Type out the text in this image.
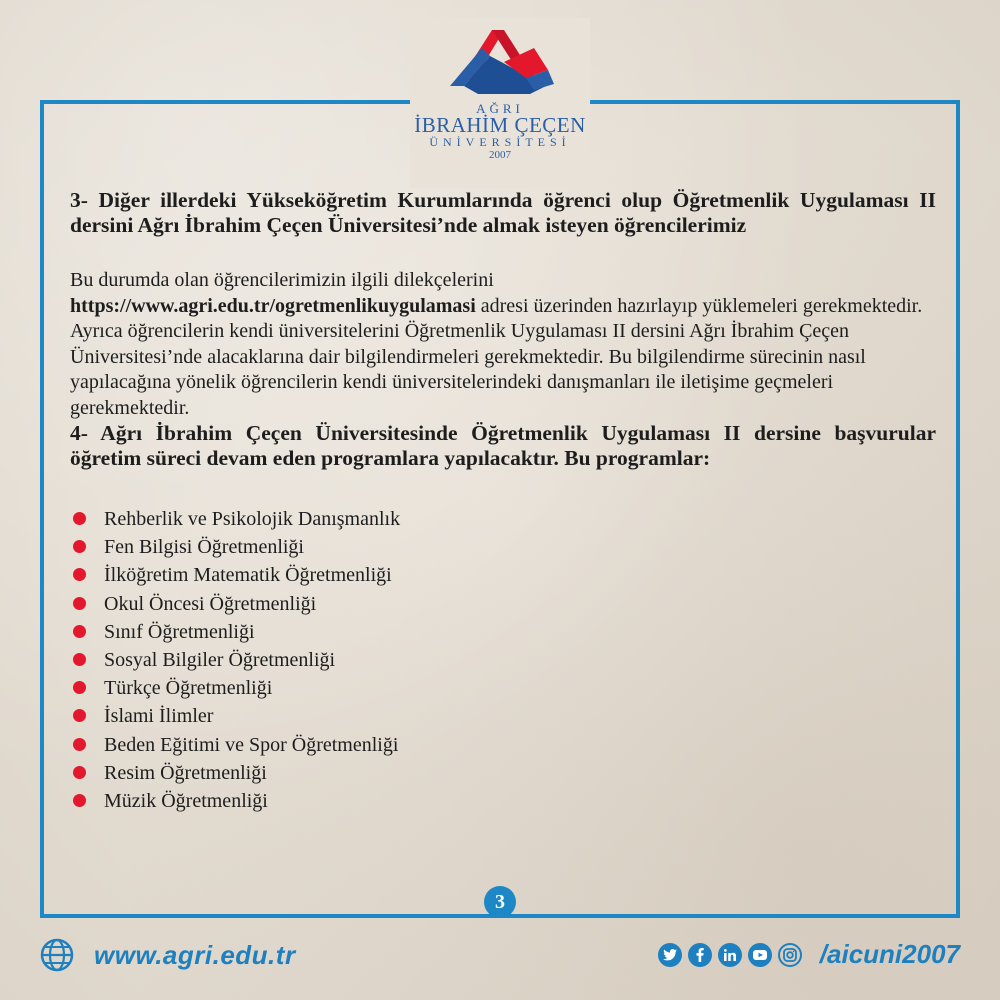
AĞRI
İBRAHİM ÇEÇEN
ÜNİVERSİTESİ
2007
3- Diğer illerdeki Yükseköğretim Kurumlarında öğrenci olup Öğretmenlik Uygulaması II dersini Ağrı İbrahim Çeçen Üniversitesi’nde almak isteyen öğrencilerimiz
Bu durumda olan öğrencilerimizin ilgili dilekçelerini
https://www.agri.edu.tr/ogretmenlikuygulamasi adresi üzerinden hazırlayıp yüklemeleri gerekmektedir. Ayrıca öğrencilerin kendi üniversitelerini Öğretmenlik Uygulaması II dersini Ağrı İbrahim Çeçen Üniversitesi’nde alacaklarına dair bilgilendirmeleri gerekmektedir. Bu bilgilendirme sürecinin nasıl yapılacağına yönelik öğrencilerin kendi üniversitelerindeki danışmanları ile iletişime geçmeleri gerekmektedir.
4- Ağrı İbrahim Çeçen Üniversitesinde Öğretmenlik Uygulaması II dersine başvurular öğretim süreci devam eden programlara yapılacaktır. Bu programlar:
Rehberlik ve Psikolojik Danışmanlık
Fen Bilgisi Öğretmenliği
İlköğretim Matematik Öğretmenliği
Okul Öncesi Öğretmenliği
Sınıf Öğretmenliği
Sosyal Bilgiler Öğretmenliği
Türkçe Öğretmenliği
İslami İlimler
Beden Eğitimi ve Spor Öğretmenliği
Resim Öğretmenliği
Müzik Öğretmenliği
3
www.agri.edu.tr	/aicuni2007
